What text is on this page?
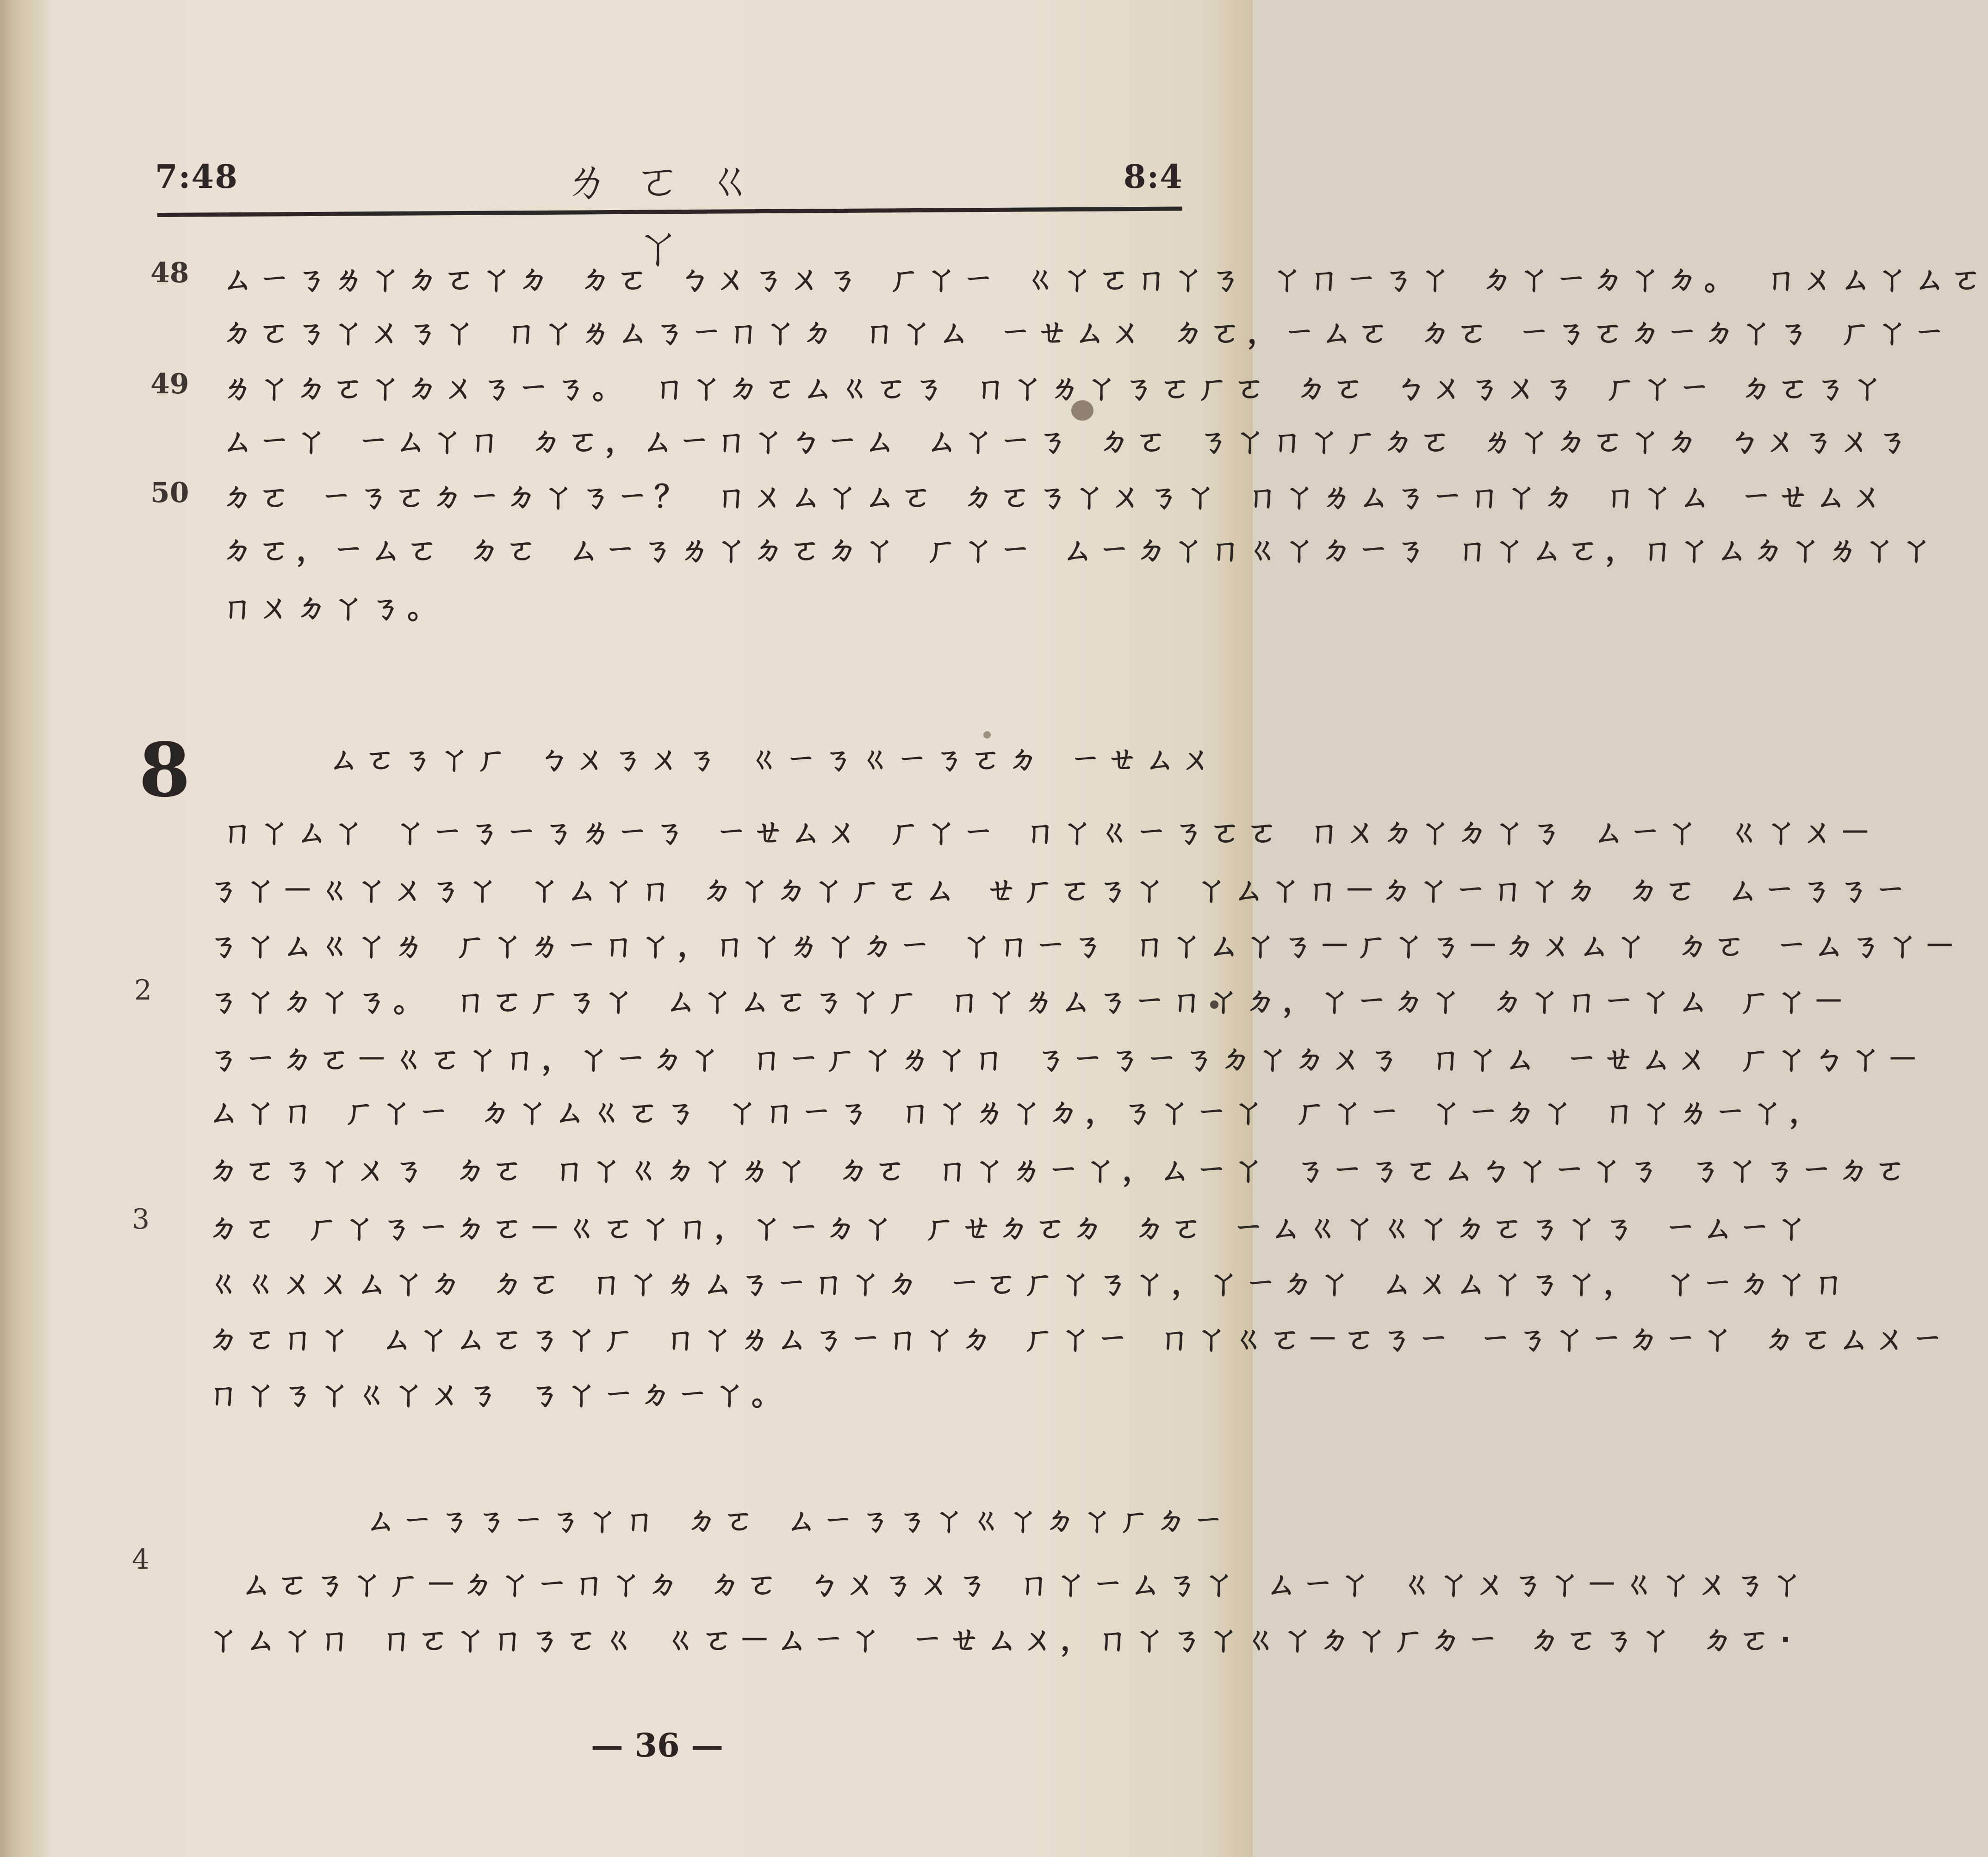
7:48	ㄌㄛㄍㄚ
8:4
48
49
50
ㄙㄧㄋㄌㄚㄉㄛㄚㄉ ㄉㄛ ㄅㄨㄋㄨㄋ ㄏㄚㄧ ㄍㄚㄛㄇㄚㄋ ㄚㄇㄧㄋㄚ ㄉㄚㄧㄉㄚㄉ。 ㄇㄨㄙㄚㄙㄛ
ㄉㄛㄋㄚㄨㄋㄚ ㄇㄚㄌㄙㄋㄧㄇㄚㄉ ㄇㄚㄙ ㄧㄝㄙㄨ ㄉㄛ，ㄧㄙㄛ ㄉㄛ ㄧㄋㄛㄉㄧㄉㄚㄋ ㄏㄚㄧ
ㄌㄚㄉㄛㄚㄉㄨㄋㄧㄋ。 ㄇㄚㄉㄛㄙㄍㄛㄋ ㄇㄚㄌㄚㄋㄛㄏㄛ ㄉㄛ ㄅㄨㄋㄨㄋ ㄏㄚㄧ ㄉㄛㄋㄚ
ㄙㄧㄚ ㄧㄙㄚㄇ ㄉㄛ，ㄙㄧㄇㄚㄅㄧㄙ ㄙㄚㄧㄋ ㄉㄛ ㄋㄚㄇㄚㄏㄉㄛ ㄌㄚㄉㄛㄚㄉ ㄅㄨㄋㄨㄋ
ㄉㄛ ㄧㄋㄛㄉㄧㄉㄚㄋㄧ？ ㄇㄨㄙㄚㄙㄛ ㄉㄛㄋㄚㄨㄋㄚ ㄇㄚㄌㄙㄋㄧㄇㄚㄉ ㄇㄚㄙ ㄧㄝㄙㄨ
ㄉㄛ，ㄧㄙㄛ ㄉㄛ ㄙㄧㄋㄌㄚㄉㄛㄉㄚ ㄏㄚㄧ ㄙㄧㄉㄚㄇㄍㄚㄉㄧㄋ ㄇㄚㄙㄛ，ㄇㄚㄙㄉㄚㄌㄚㄚ
ㄇㄨㄉㄚㄋ。
8	ㄙㄛㄋㄚㄏ ㄅㄨㄋㄨㄋ ㄍㄧㄋㄍㄧㄋㄛㄉ ㄧㄝㄙㄨ
2
3
ㄇㄚㄙㄚ ㄚㄧㄋㄧㄋㄌㄧㄋ ㄧㄝㄙㄨ ㄏㄚㄧ ㄇㄚㄍㄧㄋㄛㄛ ㄇㄨㄉㄚㄉㄚㄋ ㄙㄧㄚ ㄍㄚㄨ－
ㄋㄚ－ㄍㄚㄨㄋㄚ ㄚㄙㄚㄇ ㄉㄚㄉㄚㄏㄛㄙ ㄝㄏㄛㄋㄚ ㄚㄙㄚㄇ－ㄉㄚㄧㄇㄚㄉ ㄉㄛ ㄙㄧㄋㄋㄧ
ㄋㄚㄙㄍㄚㄌ ㄏㄚㄌㄧㄇㄚ，ㄇㄚㄌㄚㄉㄧ ㄚㄇㄧㄋ ㄇㄚㄙㄚㄋ－ㄏㄚㄋ－ㄉㄨㄙㄚ ㄉㄛ ㄧㄙㄋㄚ－
ㄋㄚㄉㄚㄋ。 ㄇㄛㄏㄋㄚ ㄙㄚㄙㄛㄋㄚㄏ ㄇㄚㄌㄙㄋㄧㄇㄚㄉ，ㄚㄧㄉㄚ ㄉㄚㄇㄧㄚㄙ ㄏㄚ－
ㄋㄧㄉㄛ－ㄍㄛㄚㄇ，ㄚㄧㄉㄚ ㄇㄧㄏㄚㄌㄚㄇ ㄋㄧㄋㄧㄋㄉㄚㄉㄨㄋ ㄇㄚㄙ ㄧㄝㄙㄨ ㄏㄚㄅㄚ－
ㄙㄚㄇ ㄏㄚㄧ ㄉㄚㄙㄍㄛㄋ ㄚㄇㄧㄋ ㄇㄚㄌㄚㄉ，ㄋㄚㄧㄚ ㄏㄚㄧ ㄚㄧㄉㄚ ㄇㄚㄌㄧㄚ，
ㄉㄛㄋㄚㄨㄋ ㄉㄛ ㄇㄚㄍㄉㄚㄌㄚ ㄉㄛ ㄇㄚㄌㄧㄚ，ㄙㄧㄚ ㄋㄧㄋㄛㄙㄅㄚㄧㄚㄋ ㄋㄚㄋㄧㄉㄛ
ㄉㄛ ㄏㄚㄋㄧㄉㄛ－ㄍㄛㄚㄇ，ㄚㄧㄉㄚ ㄏㄝㄉㄛㄉ ㄉㄛ ㄧㄙㄍㄚㄍㄚㄉㄛㄋㄚㄋ ㄧㄙㄧㄚ
ㄍㄍㄨㄨㄙㄚㄉ ㄉㄛ ㄇㄚㄌㄙㄋㄧㄇㄚㄉ ㄧㄛㄏㄚㄋㄚ，ㄚㄧㄉㄚ ㄙㄨㄙㄚㄋㄚ， ㄚㄧㄉㄚㄇ
ㄉㄛㄇㄚ ㄙㄚㄙㄛㄋㄚㄏ ㄇㄚㄌㄙㄋㄧㄇㄚㄉ ㄏㄚㄧ ㄇㄚㄍㄛ－ㄛㄋㄧ ㄧㄋㄚㄧㄉㄧㄚ ㄉㄛㄙㄨㄧ
ㄇㄚㄋㄚㄍㄚㄨㄋ ㄋㄚㄧㄉㄧㄚ。
ㄙㄧㄋㄋㄧㄋㄚㄇ ㄉㄛ ㄙㄧㄋㄋㄚㄍㄚㄉㄚㄏㄉㄧ
4
ㄙㄛㄋㄚㄏ－ㄉㄚㄧㄇㄚㄉ ㄉㄛ ㄅㄨㄋㄨㄋ ㄇㄚㄧㄙㄋㄚ ㄙㄧㄚ ㄍㄚㄨㄋㄚ－ㄍㄚㄨㄋㄚ
ㄚㄙㄚㄇ ㄇㄛㄚㄇㄋㄛㄍ ㄍㄛ－ㄙㄧㄚ ㄧㄝㄙㄨ，ㄇㄚㄋㄚㄍㄚㄉㄚㄏㄉㄧ ㄉㄛㄋㄚ ㄉㄛ·
— 36 —
